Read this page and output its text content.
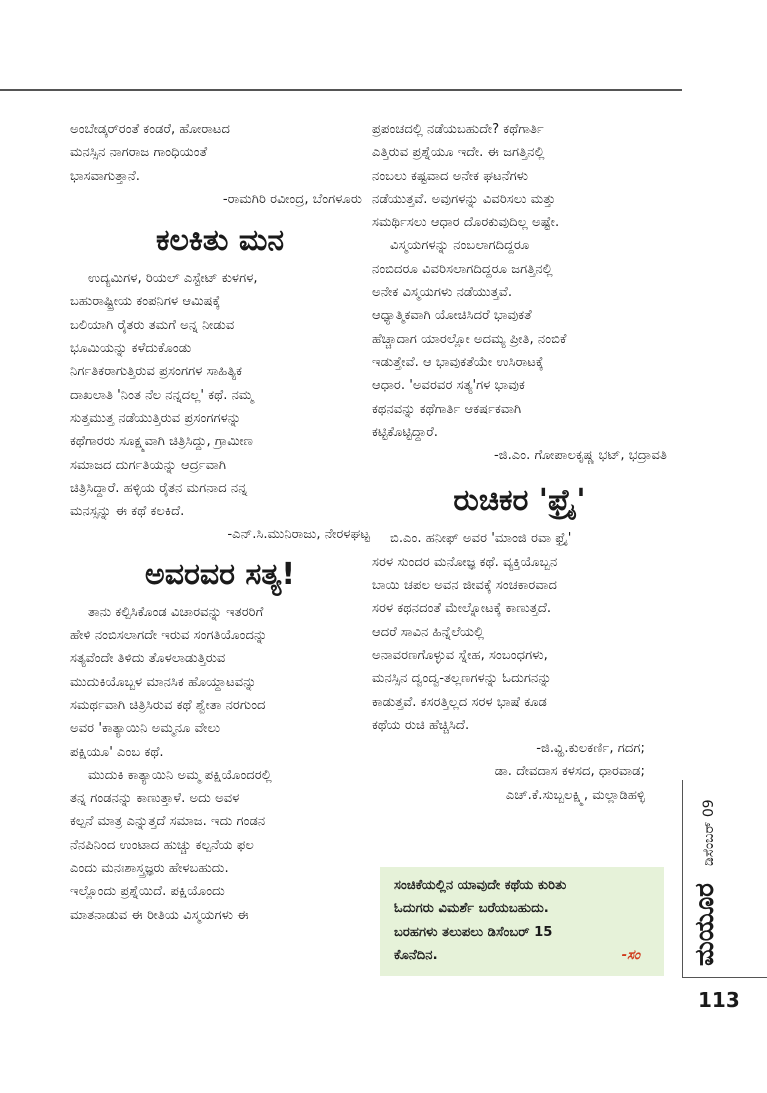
ಅಂಬೇಡ್ಕರ್‌ರಂತೆ ಕಂಡರೆ, ಹೋರಾಟದ

ಮನಸ್ಸಿನ ನಾಗರಾಜ ಗಾಂಧಿಯಂತೆ

ಭಾಸವಾಗುತ್ತಾನೆ.

-ರಾಮಗಿರಿ ರವೀಂದ್ರ, ಬೆಂಗಳೂರು

ಕಲಕಿತು ಮನ

ಉದ್ಯಮಿಗಳ, ರಿಯಲ್ ಎಸ್ಟೇಟ್ ಕುಳಗಳ,

ಬಹುರಾಷ್ಟ್ರೀಯ ಕಂಪನಿಗಳ ಆಮಿಷಕ್ಕೆ

ಬಲಿಯಾಗಿ ರೈತರು ತಮಗೆ ಅನ್ನ ನೀಡುವ

ಭೂಮಿಯನ್ನು ಕಳೆದುಕೊಂಡು

ನಿರ್ಗತಿಕರಾಗುತ್ತಿರುವ ಪ್ರಸಂಗಗಳ ಸಾಹಿತ್ಯಿಕ

ದಾಖಲಾತಿ 'ನಿಂತ ನೆಲ ನನ್ನದಲ್ಲ' ಕಥೆ. ನಮ್ಮ

ಸುತ್ತಮುತ್ತ ನಡೆಯುತ್ತಿರುವ ಪ್ರಸಂಗಗಳನ್ನು

ಕಥೆಗಾರರು ಸೂಕ್ಷ್ಮವಾಗಿ ಚಿತ್ರಿಸಿದ್ದು, ಗ್ರಾಮೀಣ

ಸಮಾಜದ ದುರ್ಗತಿಯನ್ನು ಆರ್ದ್ರವಾಗಿ

ಚಿತ್ರಿಸಿದ್ದಾರೆ. ಹಳ್ಳಿಯ ರೈತನ ಮಗನಾದ ನನ್ನ

ಮನಸ್ಸನ್ನು ಈ ಕಥೆ ಕಲಕಿದೆ.

-ಎನ್.ಸಿ.ಮುನಿರಾಜು, ನೇರಳಘಟ್ಟ

ಅವರವರ ಸತ್ಯ!

ತಾನು ಕಲ್ಪಿಸಿಕೊಂಡ ವಿಚಾರವನ್ನು ಇತರರಿಗೆ

ಹೇಳಿ ನಂಬಿಸಲಾಗದೇ ಇರುವ ಸಂಗತಿಯೊಂದನ್ನು

ಸತ್ಯವೆಂದೇ ತಿಳಿದು ತೊಳಲಾಡುತ್ತಿರುವ

ಮುದುಕಿಯೊಬ್ಬಳ ಮಾನಸಿಕ ಹೊಯ್ದಾಟವನ್ನು

ಸಮರ್ಥವಾಗಿ ಚಿತ್ರಿಸಿರುವ ಕಥೆ ಶ್ವೇತಾ ನರಗುಂದ

ಅವರ 'ಕಾತ್ಯಾಯಿನಿ ಅಮ್ಮನೂ ವೇಲು

ಪಕ್ಷಿಯೂ' ಎಂಬ ಕಥೆ.

ಮುದುಕಿ ಕಾತ್ಯಾಯಿನಿ ಅಮ್ಮ ಪಕ್ಷಿಯೊಂದರಲ್ಲಿ

ತನ್ನ ಗಂಡನನ್ನು ಕಾಣುತ್ತಾಳೆ. ಅದು ಅವಳ

ಕಲ್ಪನೆ ಮಾತ್ರ ಎನ್ನುತ್ತದೆ ಸಮಾಜ. ಇದು ಗಂಡನ

ನೆನಪಿನಿಂದ ಉಂಟಾದ ಹುಚ್ಚು ಕಲ್ಪನೆಯ ಫಲ

ಎಂದು ಮನಃಶಾಸ್ತ್ರಜ್ಞರು ಹೇಳಬಹುದು.

ಇಲ್ಲೊಂದು ಪ್ರಶ್ನೆಯಿದೆ. ಪಕ್ಷಿಯೊಂದು

ಮಾತನಾಡುವ ಈ ರೀತಿಯ ವಿಸ್ಮಯಗಳು ಈ

ಪ್ರಪಂಚದಲ್ಲಿ ನಡೆಯಬಹುದೇ? ಕಥೆಗಾರ್ತಿ

ಎತ್ತಿರುವ ಪ್ರಶ್ನೆಯೂ ಇದೇ. ಈ ಜಗತ್ತಿನಲ್ಲಿ

ನಂಬಲು ಕಷ್ಟವಾದ ಅನೇಕ ಘಟನೆಗಳು

ನಡೆಯುತ್ತವೆ. ಅವುಗಳನ್ನು ವಿವರಿಸಲು ಮತ್ತು

ಸಮರ್ಥಿಸಲು ಆಧಾರ ದೊರಕುವುದಿಲ್ಲ ಅಷ್ಟೇ.

ವಿಸ್ಮಯಗಳನ್ನು ನಂಬಲಾಗದಿದ್ದರೂ

ನಂಬಿದರೂ ವಿವರಿಸಲಾಗದಿದ್ದರೂ ಜಗತ್ತಿನಲ್ಲಿ

ಅನೇಕ ವಿಸ್ಮಯಗಳು ನಡೆಯುತ್ತವೆ.

ಆಧ್ಯಾತ್ಮಿಕವಾಗಿ ಯೋಚಿಸಿದರೆ ಭಾವುಕತೆ

ಹೆಚ್ಚಾದಾಗ ಯಾರಲ್ಲೋ ಅದಮ್ಯ ಪ್ರೀತಿ, ನಂಬಿಕೆ

ಇಡುತ್ತೇವೆ. ಆ ಭಾವುಕತೆಯೇ ಉಸಿರಾಟಕ್ಕೆ

ಆಧಾರ. 'ಅವರವರ ಸತ್ಯ'ಗಳ ಭಾವುಕ

ಕಥನವನ್ನು ಕಥೆಗಾರ್ತಿ ಆಕರ್ಷಕವಾಗಿ

ಕಟ್ಟಿಕೊಟ್ಟಿದ್ದಾರೆ.

-ಜಿ.ಎಂ. ಗೋಪಾಲಕೃಷ್ಣ ಭಟ್, ಭದ್ರಾವತಿ

ರುಚಿಕರ 'ಫ್ರೈ'

ಬಿ.ಎಂ. ಹನೀಫ್ ಅವರ 'ಮಾಂಜಿ ರವಾ ಫ್ರೈ'

ಸರಳ ಸುಂದರ ಮನೋಜ್ಞ ಕಥೆ. ವ್ಯಕ್ತಿಯೊಬ್ಬನ

ಬಾಯಿ ಚಪಲ ಅವನ ಜೀವಕ್ಕೆ ಸಂಚಕಾರವಾದ

ಸರಳ ಕಥನದಂತೆ ಮೇಲ್ನೋಟಕ್ಕೆ ಕಾಣುತ್ತದೆ.

ಆದರೆ ಸಾವಿನ ಹಿನ್ನೆಲೆಯಲ್ಲಿ

ಅನಾವರಣಗೊಳ್ಳುವ ಸ್ನೇಹ, ಸಂಬಂಧಗಳು,

ಮನಸ್ಸಿನ ದ್ವಂದ್ವ-ತಲ್ಲಣಗಳನ್ನು ಓದುಗನನ್ನು

ಕಾಡುತ್ತವೆ. ಕಸರತ್ತಿಲ್ಲದ ಸರಳ ಭಾಷೆ ಕೂಡ

ಕಥೆಯ ರುಚಿ ಹೆಚ್ಚಿಸಿದೆ.

-ಜಿ.ವ್ಹಿ.ಕುಲಕರ್ಣಿ, ಗದಗ;

ಡಾ. ದೇವದಾಸ ಕಳಸದ, ಧಾರವಾಡ;

ಎಚ್.ಕೆ.ಸುಬ್ಬಲಕ್ಷ್ಮಿ, ಮಲ್ಲಾಡಿಹಳ್ಳಿ

ಸಂಚಿಕೆಯಲ್ಲಿನ ಯಾವುದೇ ಕಥೆಯ ಕುರಿತು
ಓದುಗರು ವಿಮರ್ಶೆ ಬರೆಯಬಹುದು.
ಬರಹಗಳು ತಲುಪಲು ಡಿಸೆಂಬರ್ 15
ಕೊನೆದಿನ.	-ಸಂ ಮಯೂರ ಡಿಸೆಂಬರ್ 09
113
